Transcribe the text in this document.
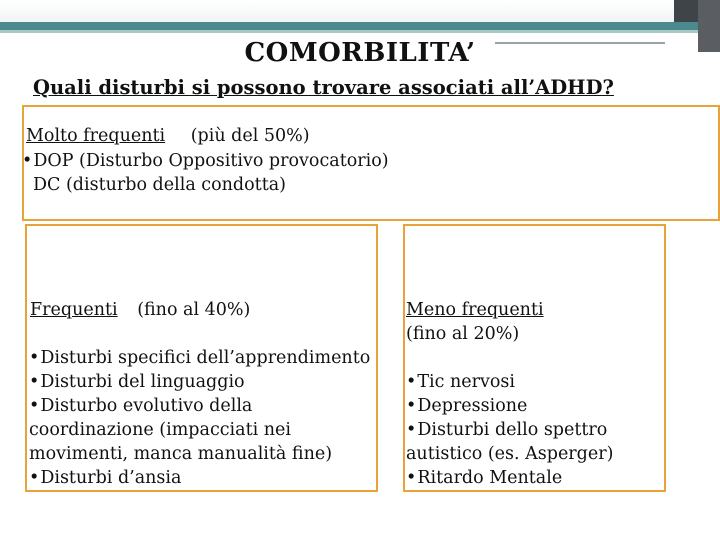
COMORBILITA’
Quali disturbi si possono trovare associati all’ADHD?
Molto frequenti (più del 50%)
• DOP (Disturbo Oppositivo provocatorio)
DC (disturbo della condotta)
Frequenti (fino al 40%)
• Disturbi specifici dell’apprendimento
• Disturbi del linguaggio
• Disturbo evolutivo della
coordinazione (impacciati nei
movimenti, manca manualità fine)
• Disturbi d’ansia
Meno frequenti
(fino al 20%)
• Tic nervosi
• Depressione
• Disturbi dello spettro
autistico (es. Asperger)
• Ritardo Mentale
